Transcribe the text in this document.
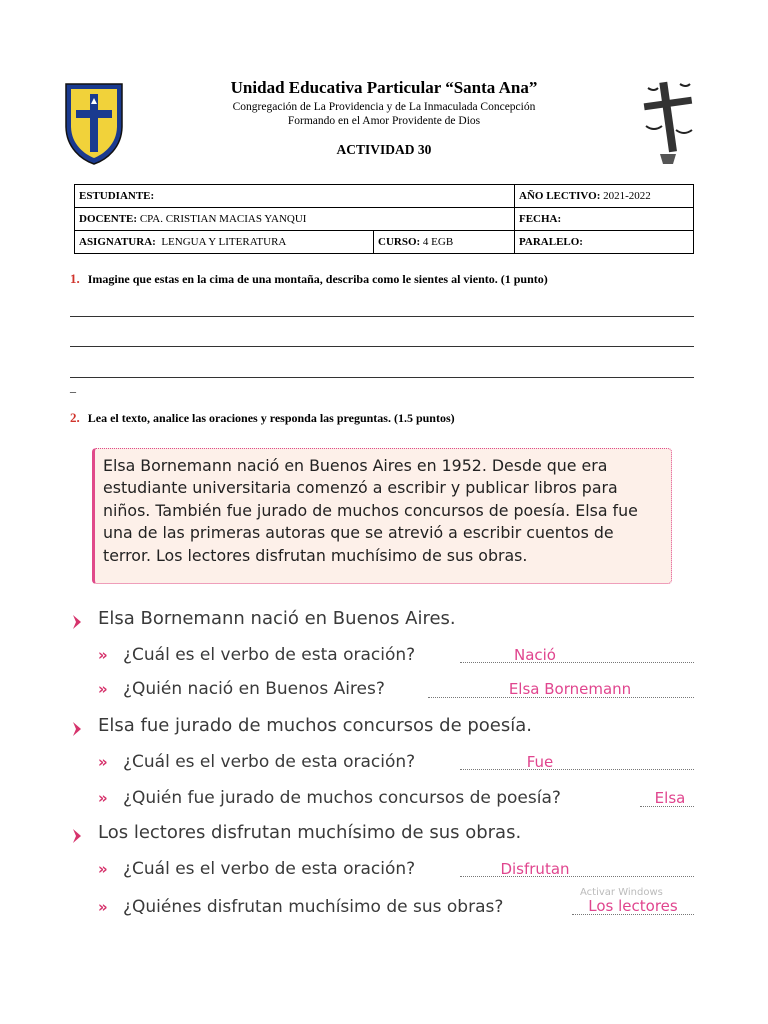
Unidad Educativa Particular “Santa Ana”
Congregación de La Providencia y de La Inmaculada Concepción
Formando en el Amor Providente de Dios
ACTIVIDAD 30
ESTUDIANTE:		AÑO LECTIVO: 2021-2022
DOCENTE: CPA. CRISTIAN MACIAS YANQUI		FECHA:
ASIGNATURA: LENGUA Y LITERATURA	CURSO: 4 EGB	PARALELO:
1. Imagine que estas en la cima de una montaña, describa como le sientes al viento. (1 punto)
_
2. Lea el texto, analice las oraciones y responda las preguntas. (1.5 puntos)

Elsa Bornemann nació en Buenos Aires en 1952. Desde que era estudiante universitaria comenzó a escribir y publicar libros para niños. También fue jurado de muchos concursos de poesía. Elsa fue una de las primeras autoras que se atrevió a escribir cuentos de terror. Los lectores disfrutan muchísimo de sus obras.

Elsa Bornemann nació en Buenos Aires.
» ¿Cuál es el verbo de esta oración?	Nació
» ¿Quién nació en Buenos Aires?	Elsa Bornemann
Elsa fue jurado de muchos concursos de poesía.
» ¿Cuál es el verbo de esta oración?	Fue
» ¿Quién fue jurado de muchos concursos de poesía?	Elsa
Los lectores disfrutan muchísimo de sus obras.
» ¿Cuál es el verbo de esta oración?	Disfrutan
Activar Windows
» ¿Quiénes disfrutan muchísimo de sus obras?	Los lectores
